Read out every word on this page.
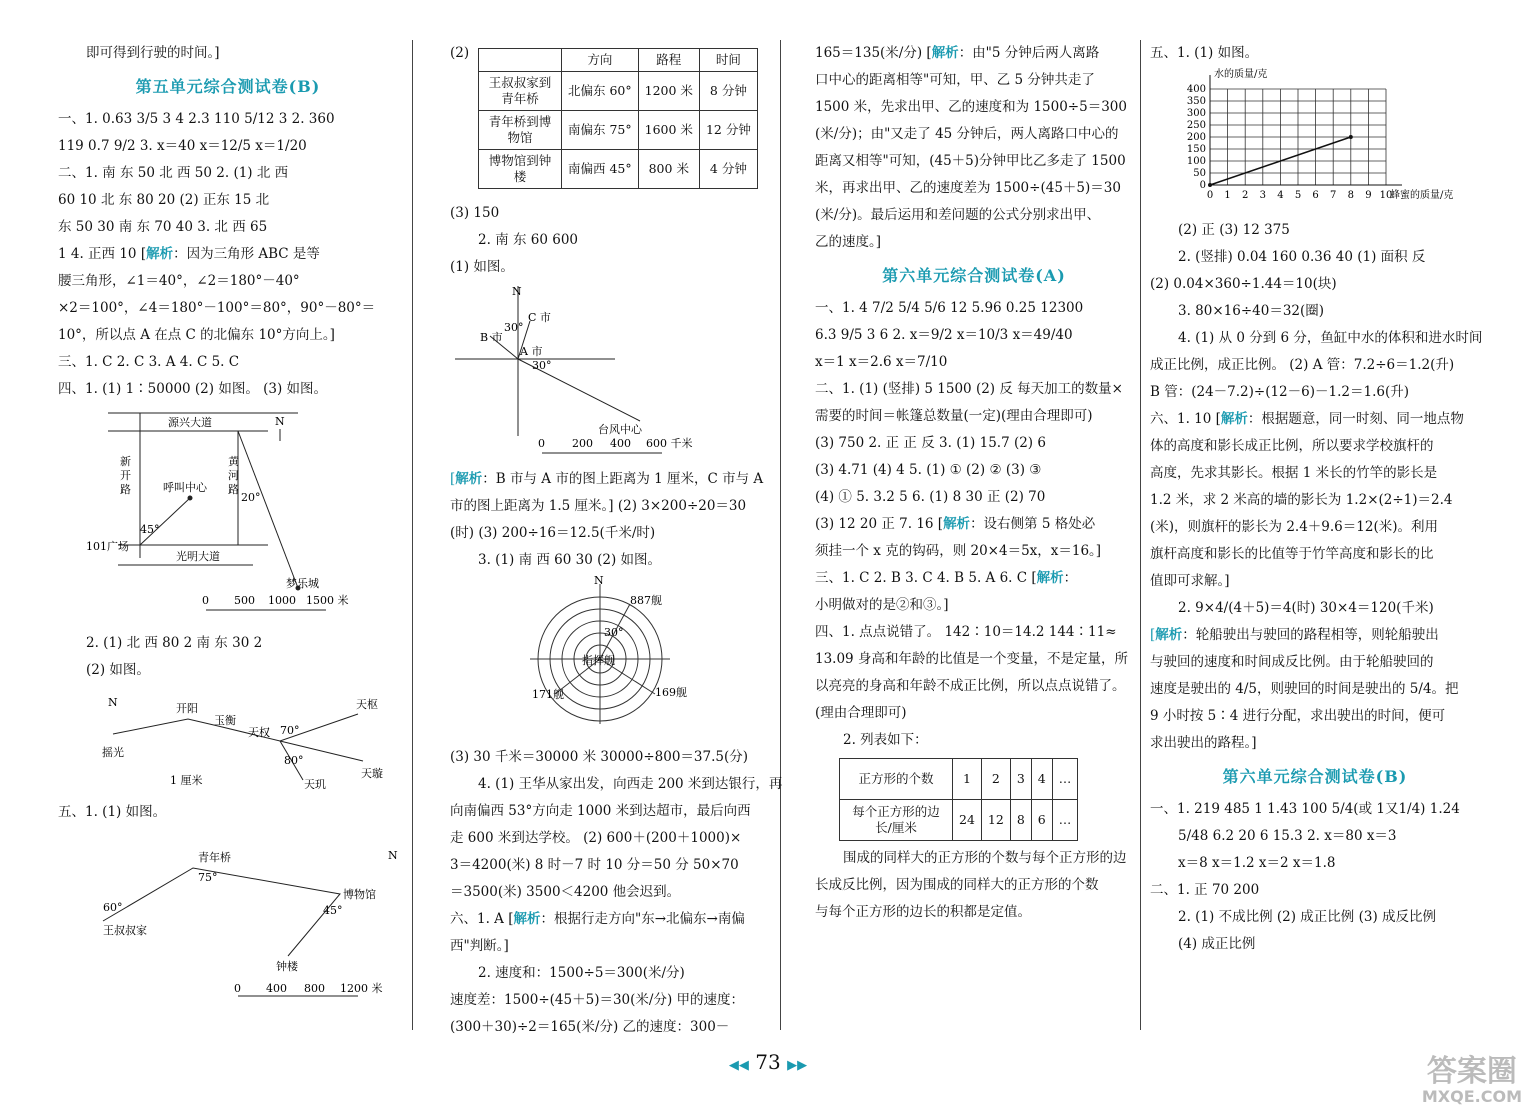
即可得到行驶的时间。]
第五单元综合测试卷(B)
一、1. 0.63 3/5 3 4 2.3 110 5/12 3 2. 360
119 0.7 9/2 3. x＝40 x＝12/5 x＝1/20
二、1. 南 东 50 北 西 50 2. (1) 北 西
60 10 北 东 80 20 (2) 正东 15 北
东 50 30 南 东 70 40 3. 北 西 65
1 4. 正西 10 [解析：因为三角形 ABC 是等
腰三角形，∠1＝40°，∠2＝180°－40°
×2＝100°，∠4＝180°－100°＝80°，90°－80°＝
10°，所以点 A 在点 C 的北偏东 10°方向上。]
三、1. C 2. C 3. A 4. C 5. C
四、1. (1) 1∶50000 (2) 如图。 (3) 如图。
源兴大道
光明大道
新
开
路
黄
河
路
呼叫中心
101广场
45°
20°
梦乐城
N

0 500 1000 1500 米
2. (1) 北 西 80 2 南 东 30 2
(2) 如图。
N
摇光
开阳
玉衡
天权
天枢
天璇
天玑
70°
80°
1 厘米
五、1. (1) 如图。
60°
75°
45°
青年桥
博物馆
王叔叔家
钟楼
N
0 400 800 1200 米
(2)
		方向	路程	时间
王叔叔家到青年桥	北偏东 60°	1200 米	8 分钟
青年桥到博物馆	南偏东 75°	1600 米	12 分钟
博物馆到钟楼	南偏西 45°	800 米	4 分钟
(3) 150
2. 南 东 60 600
(1) 如图。
N
C 市
B 市
A 市
30°
30°
台风中心
0 200 400 600 千米
[解析：B 市与 A 市的图上距离为 1 厘米，C 市与 A
市的图上距离为 1.5 厘米。] (2) 3×200÷20＝30
(时) (3) 200÷16＝12.5(千米/时)
3. (1) 南 西 60 30 (2) 如图。
N
887舰
169舰
171舰
指挥舰
30°
(3) 30 千米＝30000 米 30000÷800＝37.5(分)
4. (1) 王华从家出发，向西走 200 米到达银行，再
向南偏西 53°方向走 1000 米到达超市，最后向西
走 600 米到达学校。 (2) 600＋(200＋1000)×
3＝4200(米) 8 时－7 时 10 分＝50 分 50×70
＝3500(米) 3500＜4200 他会迟到。
六、1. A [解析：根据行走方向"东→北偏东→南偏
西"判断。]
2. 速度和：1500÷5＝300(米/分)
速度差：1500÷(45＋5)＝30(米/分) 甲的速度：
(300＋30)÷2＝165(米/分) 乙的速度：300－
165＝135(米/分) [解析：由"5 分钟后两人离路
口中心的距离相等"可知，甲、乙 5 分钟共走了
1500 米，先求出甲、乙的速度和为 1500÷5＝300
(米/分)；由"又走了 45 分钟后，两人离路口中心的
距离又相等"可知，(45＋5)分钟甲比乙多走了 1500
米，再求出甲、乙的速度差为 1500÷(45＋5)＝30
(米/分)。最后运用和差问题的公式分别求出甲、
乙的速度。]
第六单元综合测试卷(A)
一、1. 4 7/2 5/4 5/6 12 5.96 0.25 12300
6.3 9/5 3 6 2. x＝9/2 x＝10/3 x＝49/40
x＝1 x＝2.6 x＝7/10
二、1. (1) (竖排) 5 1500 (2) 反 每天加工的数量×
需要的时间＝帐篷总数量(一定)(理由合理即可)
(3) 750 2. 正 正 反 3. (1) 15.7 (2) 6
(3) 4.71 (4) 4 5. (1) ① (2) ② (3) ③
(4) ① 5. 3.2 5 6. (1) 8 30 正 (2) 70
(3) 12 20 正 7. 16 [解析：设右侧第 5 格处必
须挂一个 x 克的钩码，则 20×4＝5x，x＝16。]
三、1. C 2. B 3. C 4. B 5. A 6. C [解析：
小明做对的是②和③。]
四、1. 点点说错了。 142∶10＝14.2 144∶11≈
13.09 身高和年龄的比值是一个变量，不是定量，所
以亮亮的身高和年龄不成正比例，所以点点说错了。
(理由合理即可)
2. 列表如下：
正方形的个数	1	2	3	4	…
每个正方形的边长/厘米	24	12	8	6	…
围成的同样大的正方形的个数与每个正方形的边
长成反比例，因为围成的同样大的正方形的个数
与每个正方形的边长的积都是定值。
五、1. (1) 如图。
0
50
100
150
200
250
300
350
400
0 1 2 3 4 5 6 7 8 9 10
水的质量/克
蜂蜜的质量/克
(2) 正 (3) 12 375
2. (竖排) 0.04 160 0.36 40 (1) 面积 反
(2) 0.04×360÷1.44＝10(块)
3. 80×16÷40＝32(圈)
4. (1) 从 0 分到 6 分，鱼缸中水的体积和进水时间
成正比例，成正比例。 (2) A 管：7.2÷6＝1.2(升)
B 管：(24－7.2)÷(12－6)－1.2＝1.6(升)
六、1. 10 [解析：根据题意，同一时刻、同一地点物
体的高度和影长成正比例，所以要求学校旗杆的
高度，先求其影长。根据 1 米长的竹竿的影长是
1.2 米，求 2 米高的墙的影长为 1.2×(2÷1)＝2.4
(米)，则旗杆的影长为 2.4＋9.6＝12(米)。利用
旗杆高度和影长的比值等于竹竿高度和影长的比
值即可求解。]
2. 9×4/(4＋5)＝4(时) 30×4＝120(千米)
[解析：轮船驶出与驶回的路程相等，则轮船驶出
与驶回的速度和时间成反比例。由于轮船驶回的
速度是驶出的 4/5，则驶回的时间是驶出的 5/4。把
9 小时按 5∶4 进行分配，求出驶出的时间，便可
求出驶出的路程。]
第六单元综合测试卷(B)
一、1. 219 485 1 1.43 100 5/4(或 1又1/4) 1.24
5/48 6.2 20 6 15.3 2. x＝80 x＝3
x＝8 x＝1.2 x＝2 x＝1.8
二、1. 正 70 200
2. (1) 不成比例 (2) 成正比例 (3) 成反比例
(4) 成正比例
◀◀ 73 ▶▶	答案圈
MXQE.COM
